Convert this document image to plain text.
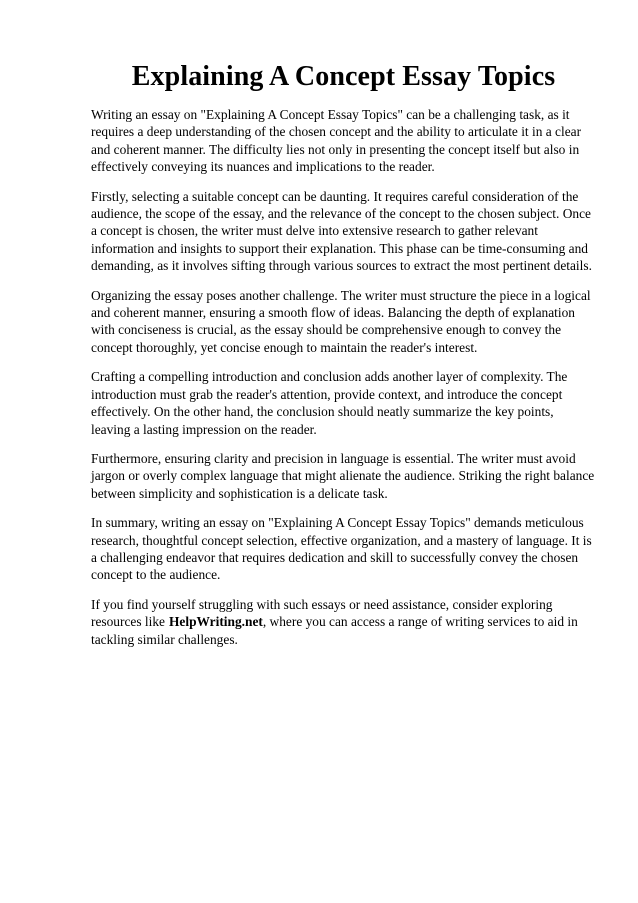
Explaining A Concept Essay Topics

Writing an essay on "Explaining A Concept Essay Topics" can be a challenging task, as it requires a deep understanding of the chosen concept and the ability to articulate it in a clear and coherent manner. The difficulty lies not only in presenting the concept itself but also in effectively conveying its nuances and implications to the reader.

Firstly, selecting a suitable concept can be daunting. It requires careful consideration of the audience, the scope of the essay, and the relevance of the concept to the chosen subject. Once a concept is chosen, the writer must delve into extensive research to gather relevant information and insights to support their explanation. This phase can be time-consuming and demanding, as it involves sifting through various sources to extract the most pertinent details.

Organizing the essay poses another challenge. The writer must structure the piece in a logical and coherent manner, ensuring a smooth flow of ideas. Balancing the depth of explanation with conciseness is crucial, as the essay should be comprehensive enough to convey the concept thoroughly, yet concise enough to maintain the reader's interest.

Crafting a compelling introduction and conclusion adds another layer of complexity. The introduction must grab the reader's attention, provide context, and introduce the concept effectively. On the other hand, the conclusion should neatly summarize the key points, leaving a lasting impression on the reader.

Furthermore, ensuring clarity and precision in language is essential. The writer must avoid jargon or overly complex language that might alienate the audience. Striking the right balance between simplicity and sophistication is a delicate task.

In summary, writing an essay on "Explaining A Concept Essay Topics" demands meticulous research, thoughtful concept selection, effective organization, and a mastery of language. It is a challenging endeavor that requires dedication and skill to successfully convey the chosen concept to the audience.

If you find yourself struggling with such essays or need assistance, consider exploring resources like HelpWriting.net, where you can access a range of writing services to aid in tackling similar challenges.
